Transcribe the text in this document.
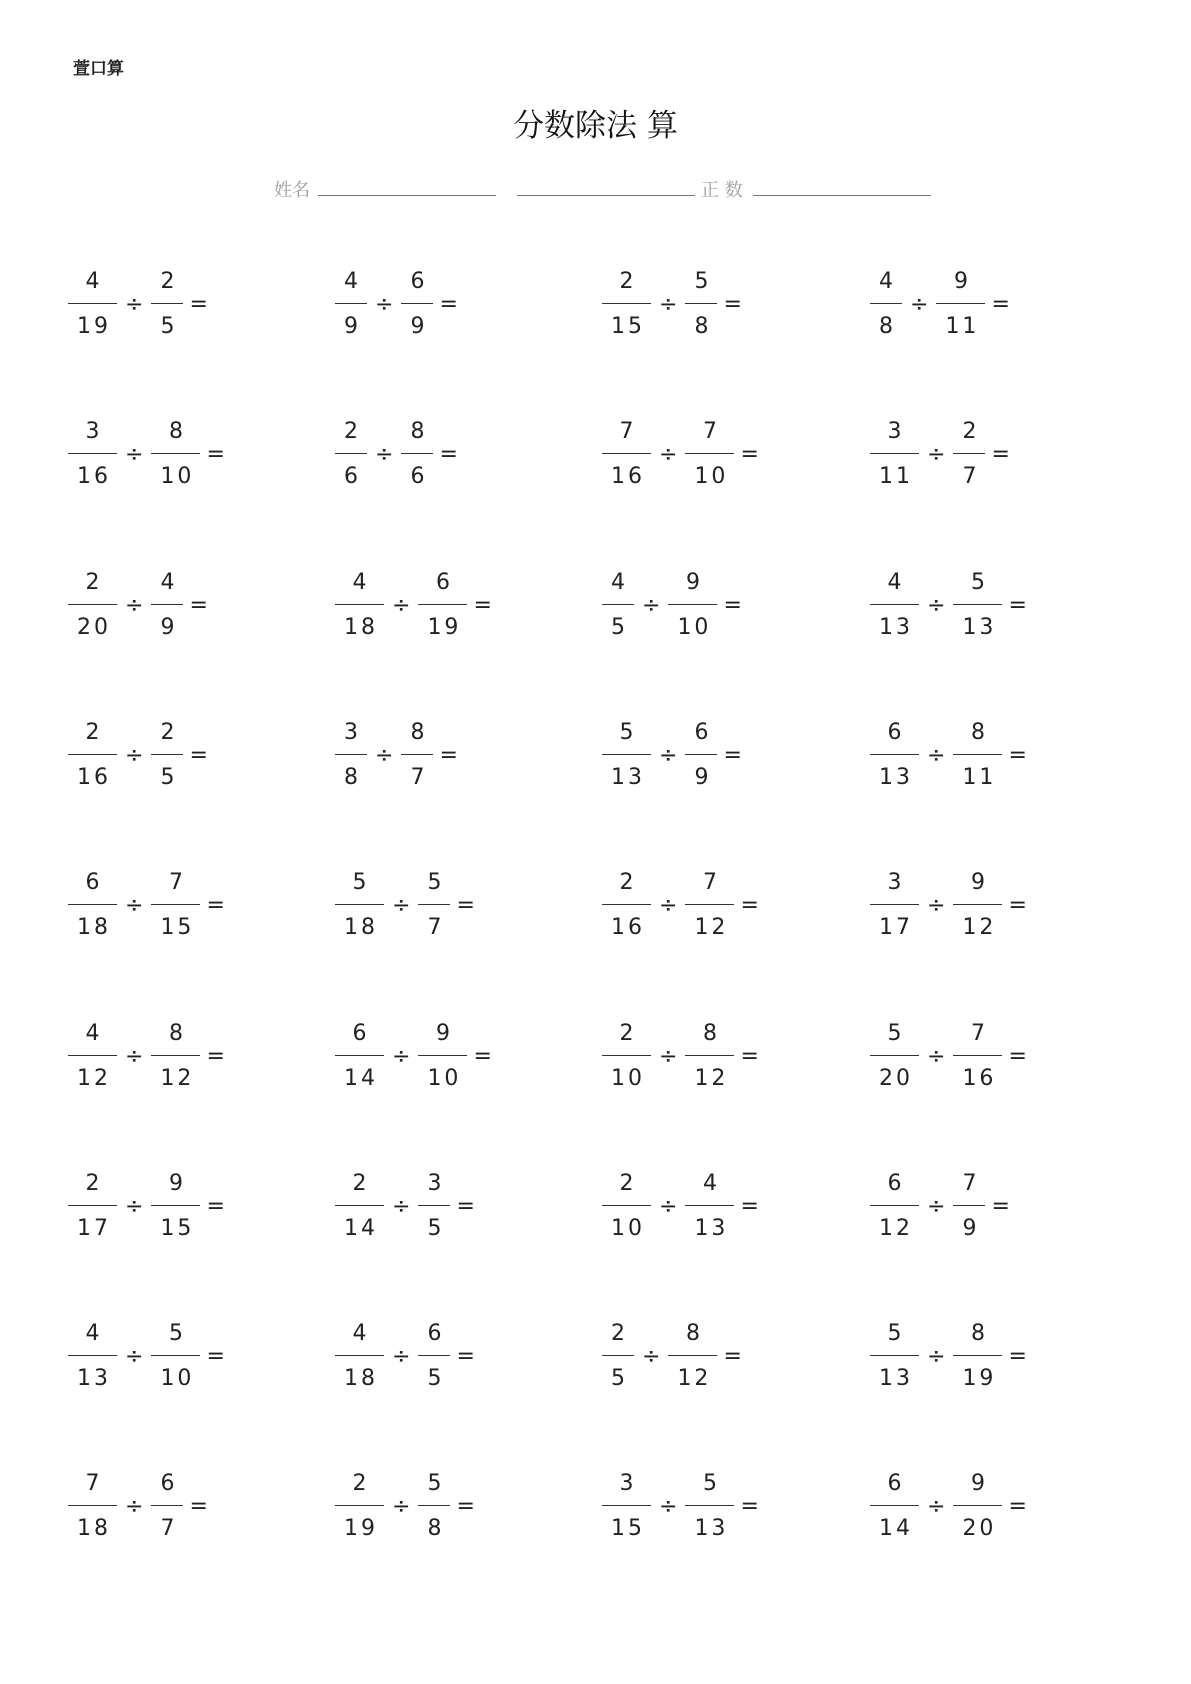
萱口算
分数除法 算
姓名	正 数
$\frac{4}{19} \div \frac{2}{5}$ =	$\frac{4}{9} \div \frac{6}{9}$ =	$\frac{2}{15} \div \frac{5}{8}$ =	$\frac{4}{8} \div \frac{9}{11}$ =
$\frac{3}{16} \div \frac{8}{10}$ =	$\frac{2}{6} \div \frac{8}{6}$ =	$\frac{7}{16} \div \frac{7}{10}$ =	$\frac{3}{11} \div \frac{2}{7}$ =
$\frac{2}{20} \div \frac{4}{9}$ =	$\frac{4}{18} \div \frac{6}{19}$ =	$\frac{4}{5} \div \frac{9}{10}$ =	$\frac{4}{13} \div \frac{5}{13}$ =
$\frac{2}{16} \div \frac{2}{5}$ =	$\frac{3}{8} \div \frac{8}{7}$ =	$\frac{5}{13} \div \frac{6}{9}$ =	$\frac{6}{13} \div \frac{8}{11}$ =
$\frac{6}{18} \div \frac{7}{15}$ =	$\frac{5}{18} \div \frac{5}{7}$ =	$\frac{2}{16} \div \frac{7}{12}$ =	$\frac{3}{17} \div \frac{9}{12}$ =
$\frac{4}{12} \div \frac{8}{12}$ =	$\frac{6}{14} \div \frac{9}{10}$ =	$\frac{2}{10} \div \frac{8}{12}$ =	$\frac{5}{20} \div \frac{7}{16}$ =
$\frac{2}{17} \div \frac{9}{15}$ =	$\frac{2}{14} \div \frac{3}{5}$ =	$\frac{2}{10} \div \frac{4}{13}$ =	$\frac{6}{12} \div \frac{7}{9}$ =
$\frac{4}{13} \div \frac{5}{10}$ =	$\frac{4}{18} \div \frac{6}{5}$ =	$\frac{2}{5} \div \frac{8}{12}$ =	$\frac{5}{13} \div \frac{8}{19}$ =
$\frac{7}{18} \div \frac{6}{7}$ =	$\frac{2}{19} \div \frac{5}{8}$ =	$\frac{3}{15} \div \frac{5}{13}$ =	$\frac{6}{14} \div \frac{9}{20}$ =
